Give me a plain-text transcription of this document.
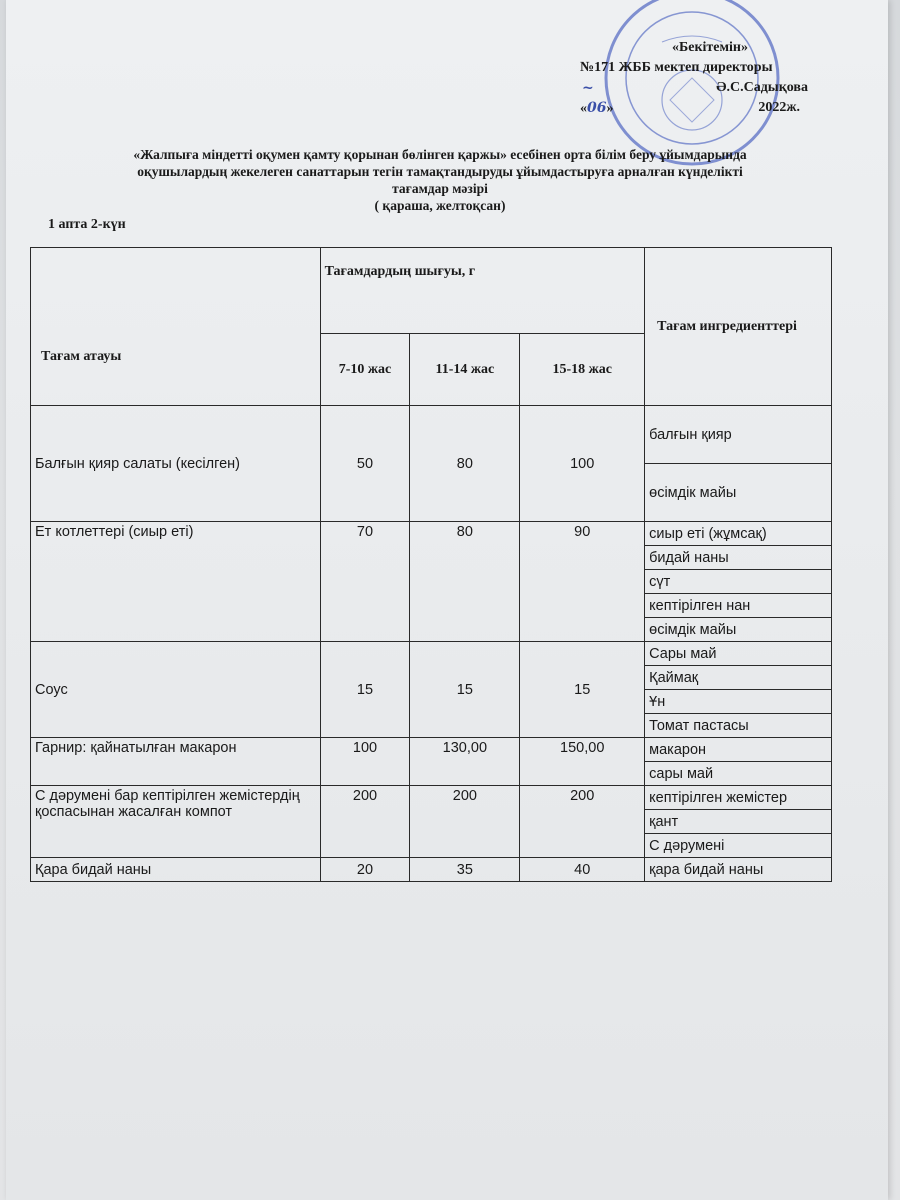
«Бекітемін»
№171 ЖББ мектеп директоры
~	Ә.С.Садықова
«06»	2022ж.
«Жалпыға міндетті оқумен қамту қорынан бөлінген қаржы» есебінен орта білім беру ұйымдарында
оқушылардың жекелеген санаттарын тегін тамақтандыруды ұйымдастыруға арналған күнделікті
тағамдар мәзірі
( қараша, желтоқсан)
1 апта 2-күн
Тағам атауы	Тағамдардың шығуы, г			Тағам ингредиенттері
	7-10 жас	11-14 жас	15-18 жас	
Балғын қияр салаты (кесілген)	50	80	100	балғын қияр
				өсімдік майы
Ет котлеттері (сиыр еті)	70	80	90	сиыр еті (жұмсақ)
				бидай наны
				сүт
				кептірілген нан
				өсімдік майы
Соус	15	15	15	Сары май
				Қаймақ
				Ұн
				Томат пастасы
Гарнир: қайнатылған макарон	100	130,00	150,00	макарон
				сары май
С дәрумені бар кептірілген жемістердің қоспасынан жасалған компот	200	200	200	кептірілген жемістер
				қант
				С дәрумені
Қара бидай наны	20	35	40	қара бидай наны
